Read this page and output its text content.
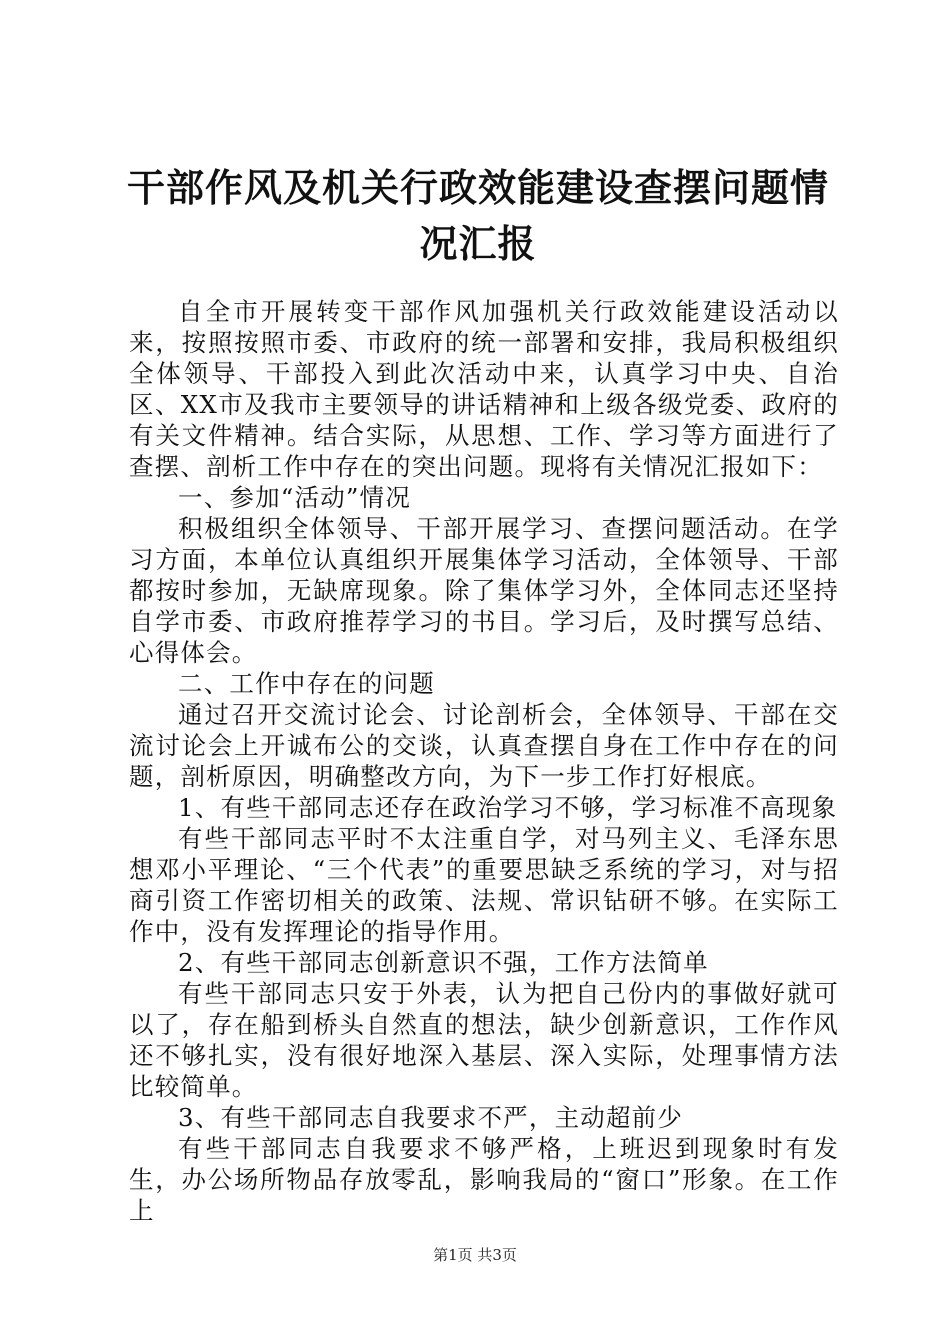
干部作风及机关行政效能建设查摆问题情况汇报

自全市开展转变干部作风加强机关行政效能建设活动以来，按照按照市委、市政府的统一部署和安排，我局积极组织全体领导、干部投入到此次活动中来，认真学习中央、自治区、XX市及我市主要领导的讲话精神和上级各级党委、政府的有关文件精神。结合实际，从思想、工作、学习等方面进行了查摆、剖析工作中存在的突出问题。现将有关情况汇报如下：

一、参加“活动”情况

积极组织全体领导、干部开展学习、查摆问题活动。在学习方面，本单位认真组织开展集体学习活动，全体领导、干部都按时参加，无缺席现象。除了集体学习外，全体同志还坚持自学市委、市政府推荐学习的书目。学习后，及时撰写总结、心得体会。

二、工作中存在的问题

通过召开交流讨论会、讨论剖析会，全体领导、干部在交流讨论会上开诚布公的交谈，认真查摆自身在工作中存在的问题，剖析原因，明确整改方向，为下一步工作打好根底。

1、有些干部同志还存在政治学习不够，学习标准不高现象

有些干部同志平时不太注重自学，对马列主义、毛泽东思想邓小平理论、“三个代表”的重要思缺乏系统的学习，对与招商引资工作密切相关的政策、法规、常识钻研不够。在实际工作中，没有发挥理论的指导作用。

2、有些干部同志创新意识不强，工作方法简单

有些干部同志只安于外表，认为把自己份内的事做好就可以了，存在船到桥头自然直的想法，缺少创新意识，工作作风还不够扎实，没有很好地深入基层、深入实际，处理事情方法比较简单。

3、有些干部同志自我要求不严，主动超前少

有些干部同志自我要求不够严格，上班迟到现象时有发生，办公场所物品存放零乱，影响我局的“窗口”形象。在工作上

第1页 共3页
